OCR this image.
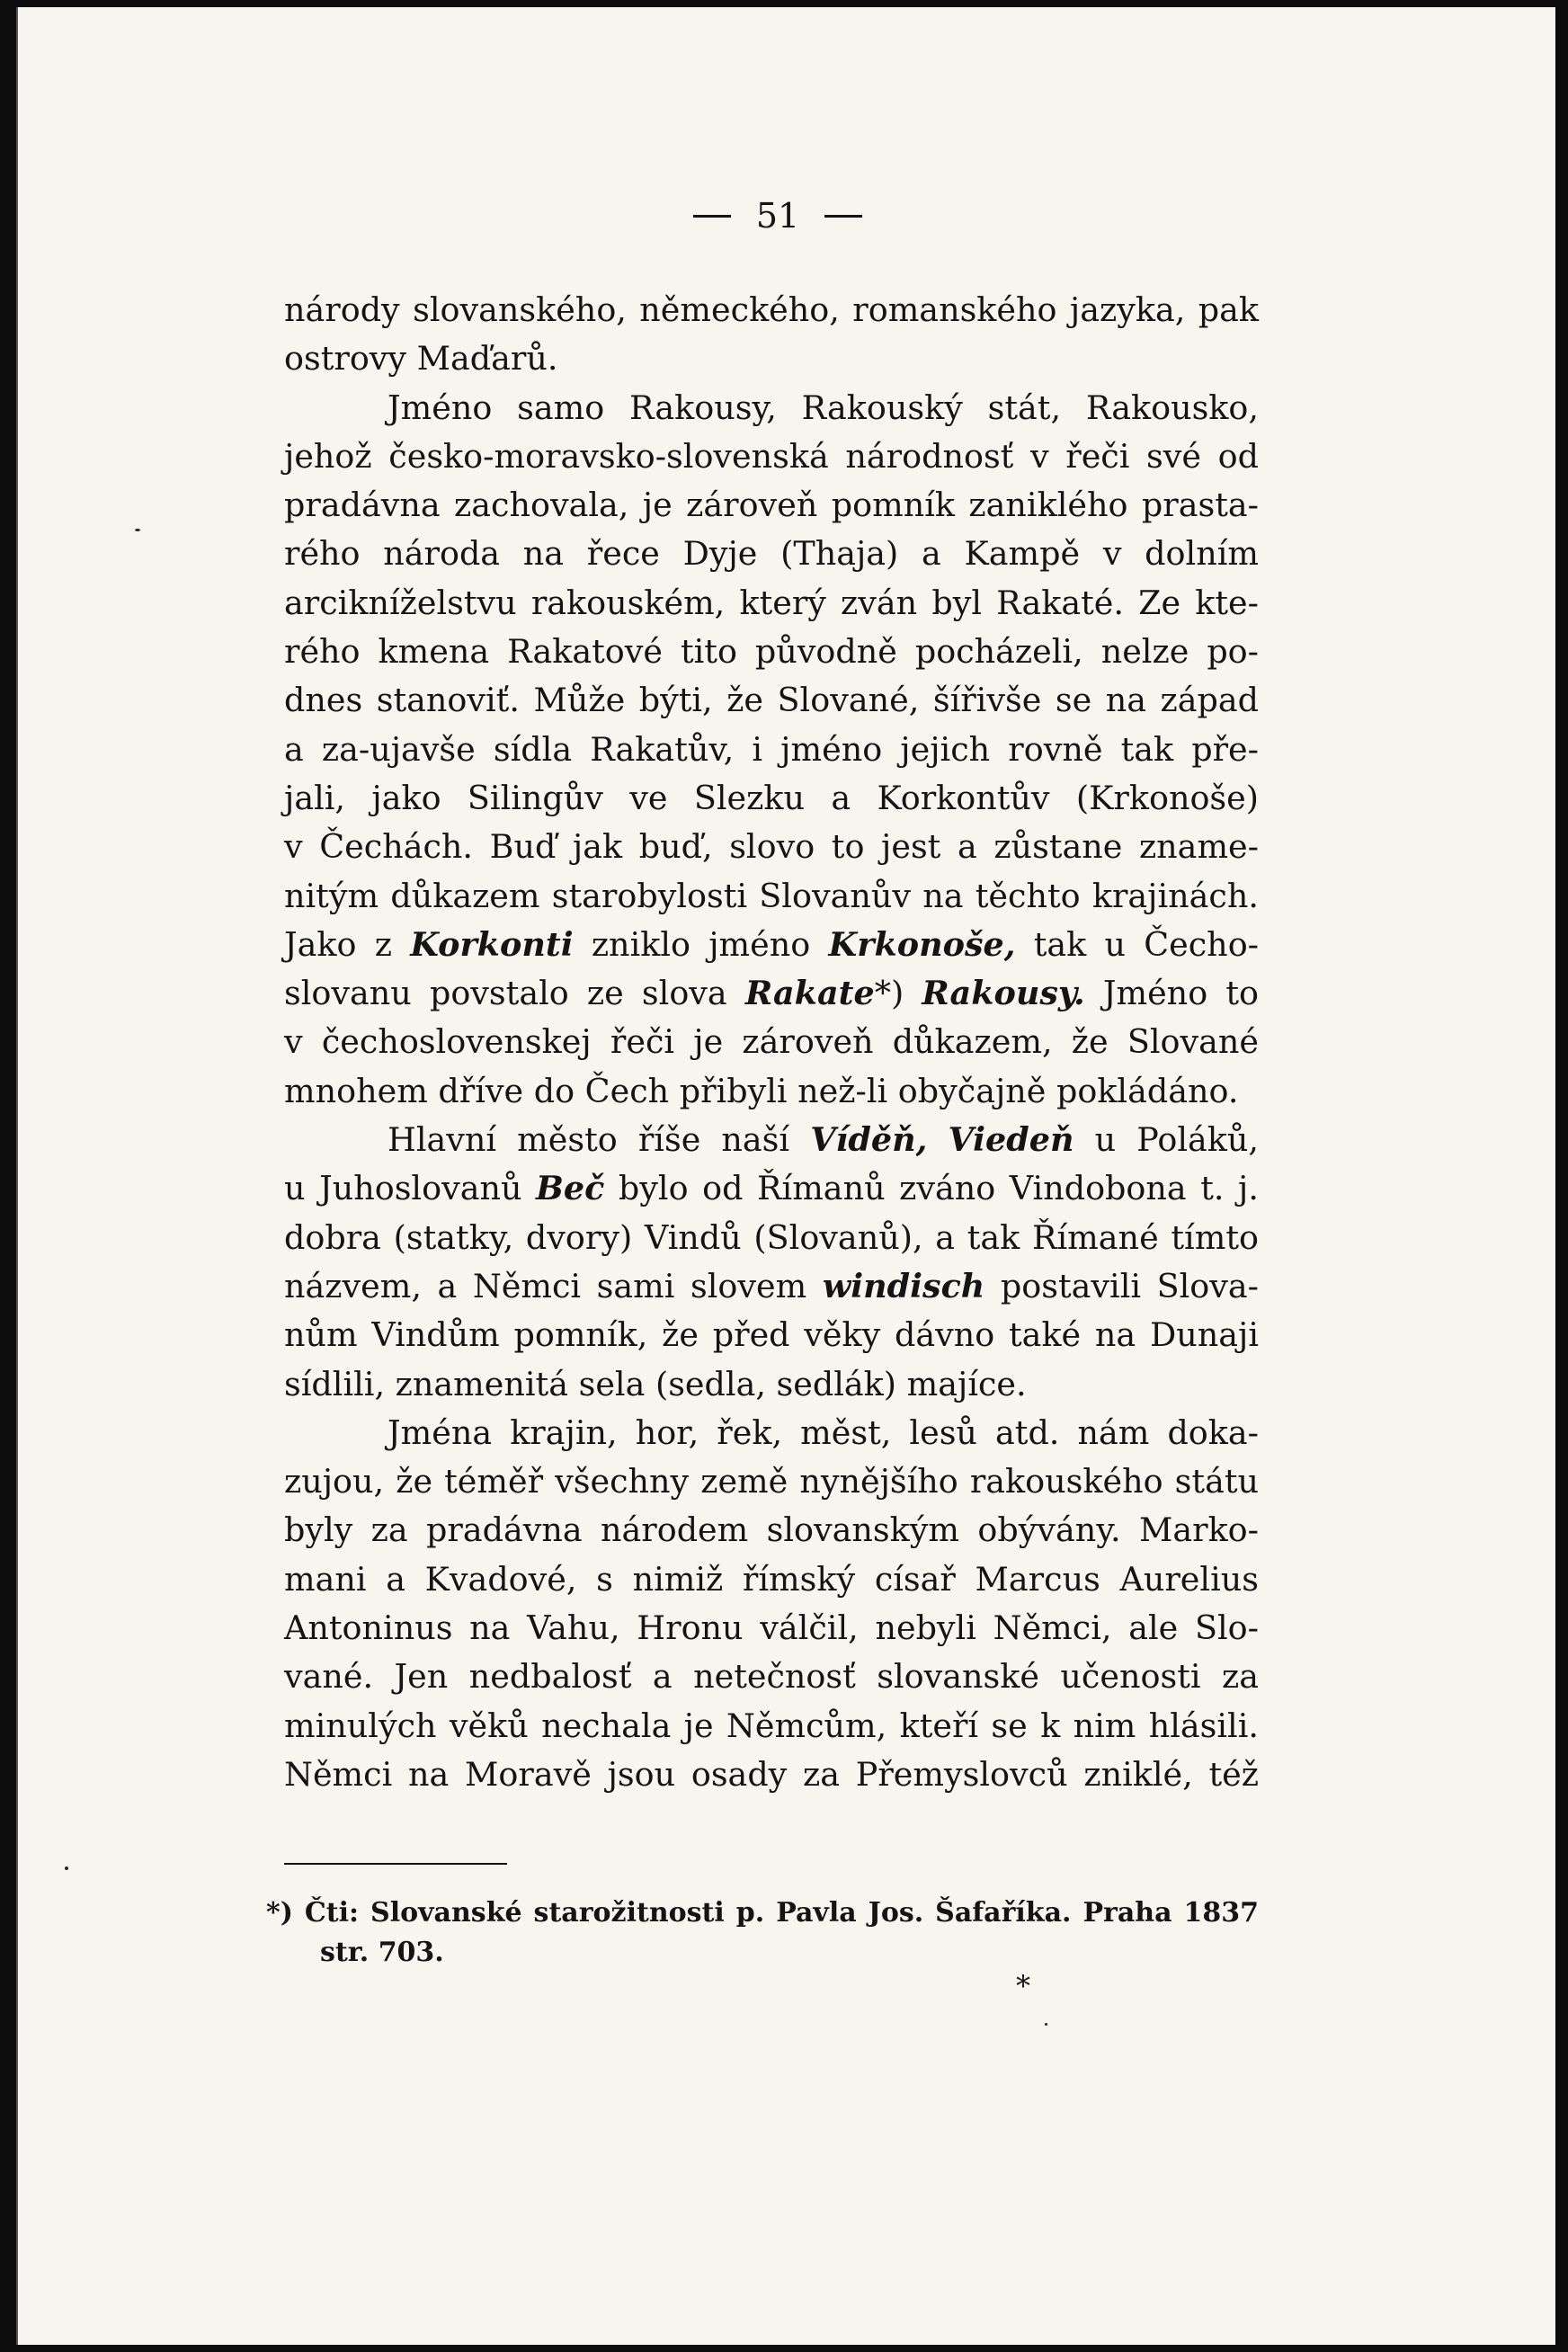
51
národy slovanského, německého, romanského jazyka, pak
ostrovy Maďarů.
Jméno samo Rakousy, Rakouský stát, Rakousko,
jehož česko-moravsko-slovenská národnosť v řeči své od
pradávna zachovala, je zároveň pomník zaniklého prasta-
rého národa na řece Dyje (Thaja) a Kampě v dolním
arcikníželstvu rakouském, který zván byl Rakaté. Ze kte-
rého kmena Rakatové tito původně pocházeli, nelze po-
dnes stanoviť. Může býti, že Slované, šířivše se na západ
a za-ujavše sídla Rakatův, i jméno jejich rovně tak pře-
jali, jako Silingův ve Slezku a Korkontův (Krkonoše)
v Čechách. Buď jak buď, slovo to jest a zůstane zname-
nitým důkazem starobylosti Slovanův na těchto krajinách.
Jako z Korkonti zniklo jméno Krkonoše, tak u Čecho-
slovanu povstalo ze slova Rakate*) Rakousy. Jméno to
v čechoslovenskej řeči je zároveň důkazem, že Slované
mnohem dříve do Čech přibyli než-li obyčajně pokládáno.
Hlavní město říše naší Víděň, Viedeň u Poláků,
u Juhoslovanů Beč bylo od Římanů zváno Vindobona t. j.
dobra (statky, dvory) Vindů (Slovanů), a tak Římané tímto
názvem, a Němci sami slovem windisch postavili Slova-
nům Vindům pomník, že před věky dávno také na Dunaji
sídlili, znamenitá sela (sedla, sedlák) majíce.
Jména krajin, hor, řek, měst, lesů atd. nám doka-
zujou, že téměř všechny země nynějšího rakouského státu
byly za pradávna národem slovanským obývány. Marko-
mani a Kvadové, s nimiž římský císař Marcus Aurelius
Antoninus na Vahu, Hronu válčil, nebyli Němci, ale Slo-
vané. Jen nedbalosť a netečnosť slovanské učenosti za
minulých věků nechala je Němcům, kteří se k nim hlásili.
Němci na Moravě jsou osady za Přemyslovců zniklé, též
*) Čti: Slovanské starožitnosti p. Pavla Jos. Šafaříka. Praha 1837
str. 703.
*
